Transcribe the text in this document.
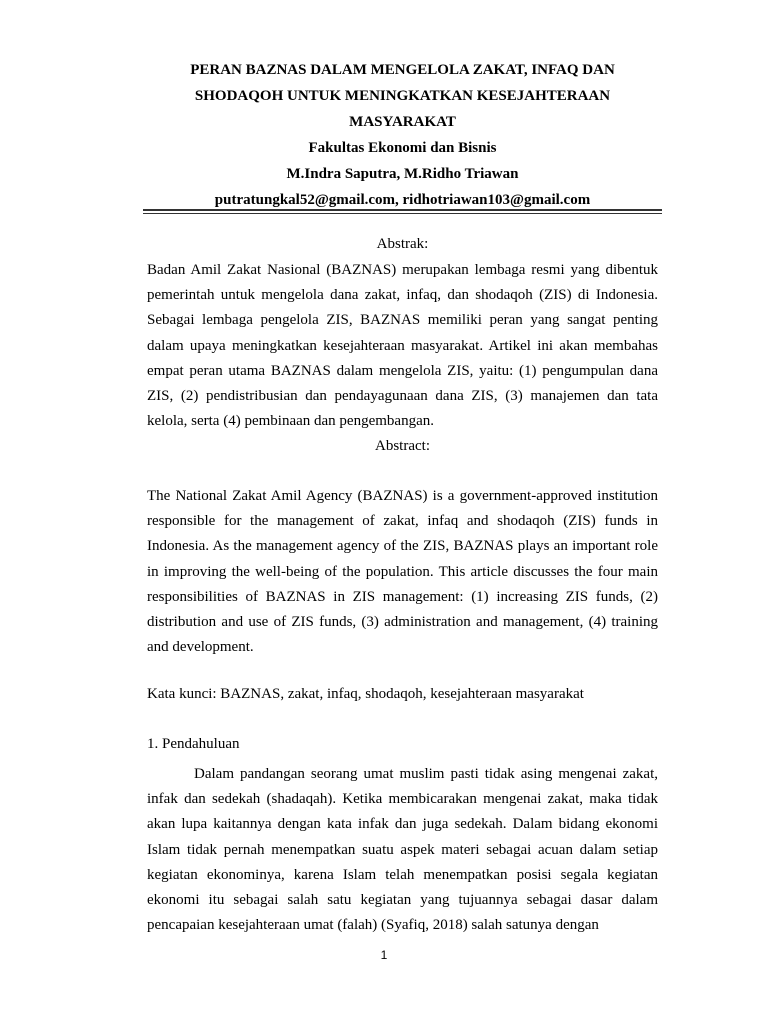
PERAN BAZNAS DALAM MENGELOLA ZAKAT, INFAQ DAN
SHODAQOH UNTUK MENINGKATKAN KESEJAHTERAAN
MASYARAKAT
Fakultas Ekonomi dan Bisnis
M.Indra Saputra, M.Ridho Triawan
putratungkal52@gmail.com, ridhotriawan103@gmail.com
Abstrak:

Badan Amil Zakat Nasional (BAZNAS) merupakan lembaga resmi yang dibentuk pemerintah untuk mengelola dana zakat, infaq, dan shodaqoh (ZIS) di Indonesia. Sebagai lembaga pengelola ZIS, BAZNAS memiliki peran yang sangat penting dalam upaya meningkatkan kesejahteraan masyarakat. Artikel ini akan membahas empat peran utama BAZNAS dalam mengelola ZIS, yaitu: (1) pengumpulan dana ZIS, (2) pendistribusian dan pendayagunaan dana ZIS, (3) manajemen dan tata kelola, serta (4) pembinaan dan pengembangan.

Abstract:

The National Zakat Amil Agency (BAZNAS) is a government-approved institution responsible for the management of zakat, infaq and shodaqoh (ZIS) funds in Indonesia. As the management agency of the ZIS, BAZNAS plays an important role in improving the well-being of the population. This article discusses the four main responsibilities of BAZNAS in ZIS management: (1) increasing ZIS funds, (2) distribution and use of ZIS funds, (3) administration and management, (4) training and development.

Kata kunci: BAZNAS, zakat, infaq, shodaqoh, kesejahteraan masyarakat
1. Pendahuluan

Dalam pandangan seorang umat muslim pasti tidak asing mengenai zakat, infak dan sedekah (shadaqah). Ketika membicarakan mengenai zakat, maka tidak akan lupa kaitannya dengan kata infak dan juga sedekah. Dalam bidang ekonomi Islam tidak pernah menempatkan suatu aspek materi sebagai acuan dalam setiap kegiatan ekonominya, karena Islam telah menempatkan posisi segala kegiatan ekonomi itu sebagai salah satu kegiatan yang tujuannya sebagai dasar dalam pencapaian kesejahteraan umat (falah) (Syafiq, 2018) salah satunya dengan

1
